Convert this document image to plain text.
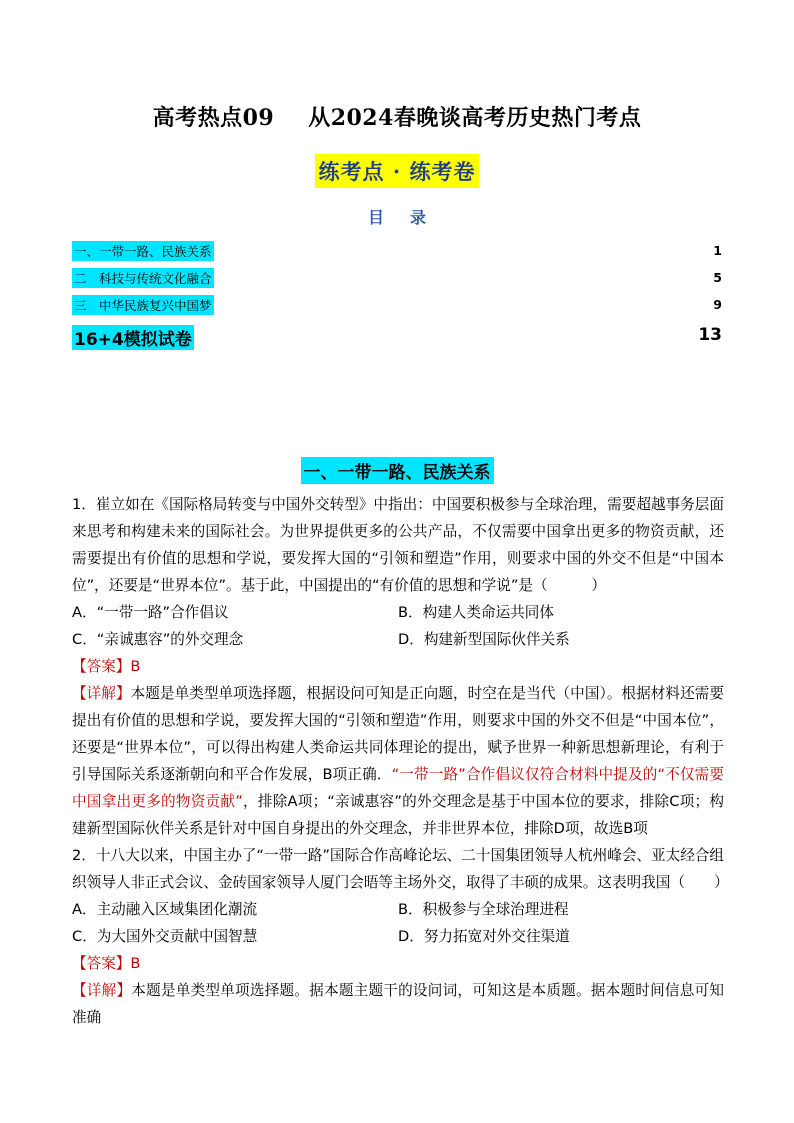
高考热点09 从2024春晚谈高考历史热门考点
练考点 · 练考卷
目 录
一、一带一路、民族关系	1
二　科技与传统文化融合	5
三　中华民族复兴中国梦	9
16+4模拟试卷	13
一、一带一路、民族关系

1．崔立如在《国际格局转变与中国外交转型》中指出：中国要积极参与全球治理，需要超越事务层面来思考和构建未来的国际社会。为世界提供更多的公共产品，不仅需要中国拿出更多的物资贡献，还需要提出有价值的思想和学说，要发挥大国的“引领和塑造”作用，则要求中国的外交不但是“中国本位”，还要是“世界本位”。基于此，中国提出的“有价值的思想和学说”是（　　　）

A．“一带一路”合作倡议	B．构建人类命运共同体
C．“亲诚惠容”的外交理念	D．构建新型国际伙伴关系

【答案】B

【详解】本题是单类型单项选择题，根据设问可知是正向题，时空在是当代（中国）。根据材料还需要提出有价值的思想和学说，要发挥大国的“引领和塑造”作用，则要求中国的外交不但是“中国本位”，还要是“世界本位”，可以得出构建人类命运共同体理论的提出，赋予世界一种新思想新理论，有利于引导国际关系逐渐朝向和平合作发展，B项正确．“一带一路”合作倡议仅符合材料中提及的“不仅需要中国拿出更多的物资贡献”，排除A项；“亲诚惠容”的外交理念是基于中国本位的要求，排除C项；构建新型国际伙伴关系是针对中国自身提出的外交理念，并非世界本位，排除D项，故选B项

2．十八大以来，中国主办了“一带一路”国际合作高峰论坛、二十国集团领导人杭州峰会、亚太经合组织领导人非正式会议、金砖国家领导人厦门会晤等主场外交，取得了丰硕的成果。这表明我国（　　）

A．主动融入区域集团化潮流	B．积极参与全球治理进程
C．为大国外交贡献中国智慧	D．努力拓宽对外交往渠道

【答案】B

【详解】本题是单类型单项选择题。据本题主题干的设问词，可知这是本质题。据本题时间信息可知准确
